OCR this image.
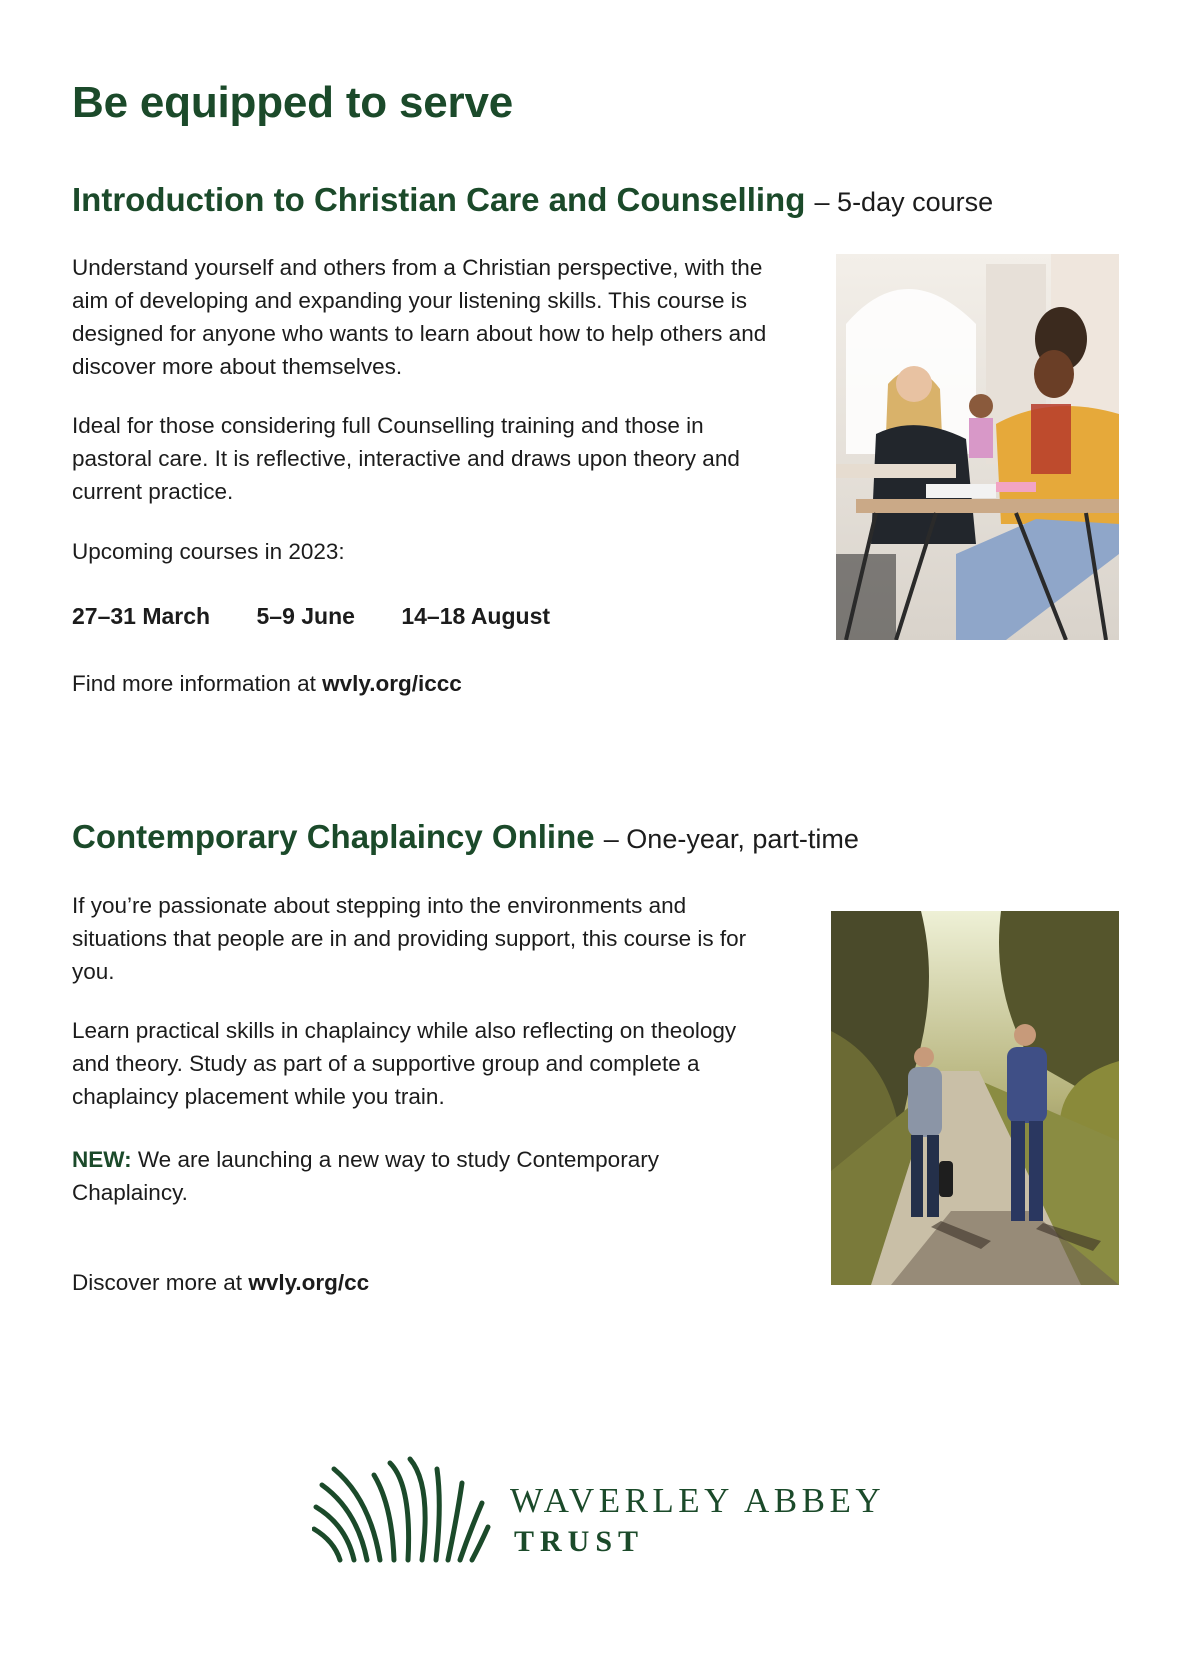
Be equipped to serve
Introduction to Christian Care and Counselling – 5-day course

Understand yourself and others from a Christian perspective, with the aim of developing and expanding your listening skills. This course is designed for anyone who wants to learn about how to help others and discover more about themselves.

Ideal for those considering full Counselling training and those in pastoral care. It is reflective, interactive and draws upon theory and current practice.

Upcoming courses in 2023:

27–31 March 5–9 June 14–18 August

Find more information at wvly.org/iccc

Contemporary Chaplaincy Online – One-year, part-time

If you’re passionate about stepping into the environments and situations that people are in and providing support, this course is for you.

Learn practical skills in chaplaincy while also reflecting on theology and theory. Study as part of a supportive group and complete a chaplaincy placement while you train.

NEW: We are launching a new way to study Contemporary Chaplaincy.

Discover more at wvly.org/cc

WAVERLEY ABBEY

TRUST
